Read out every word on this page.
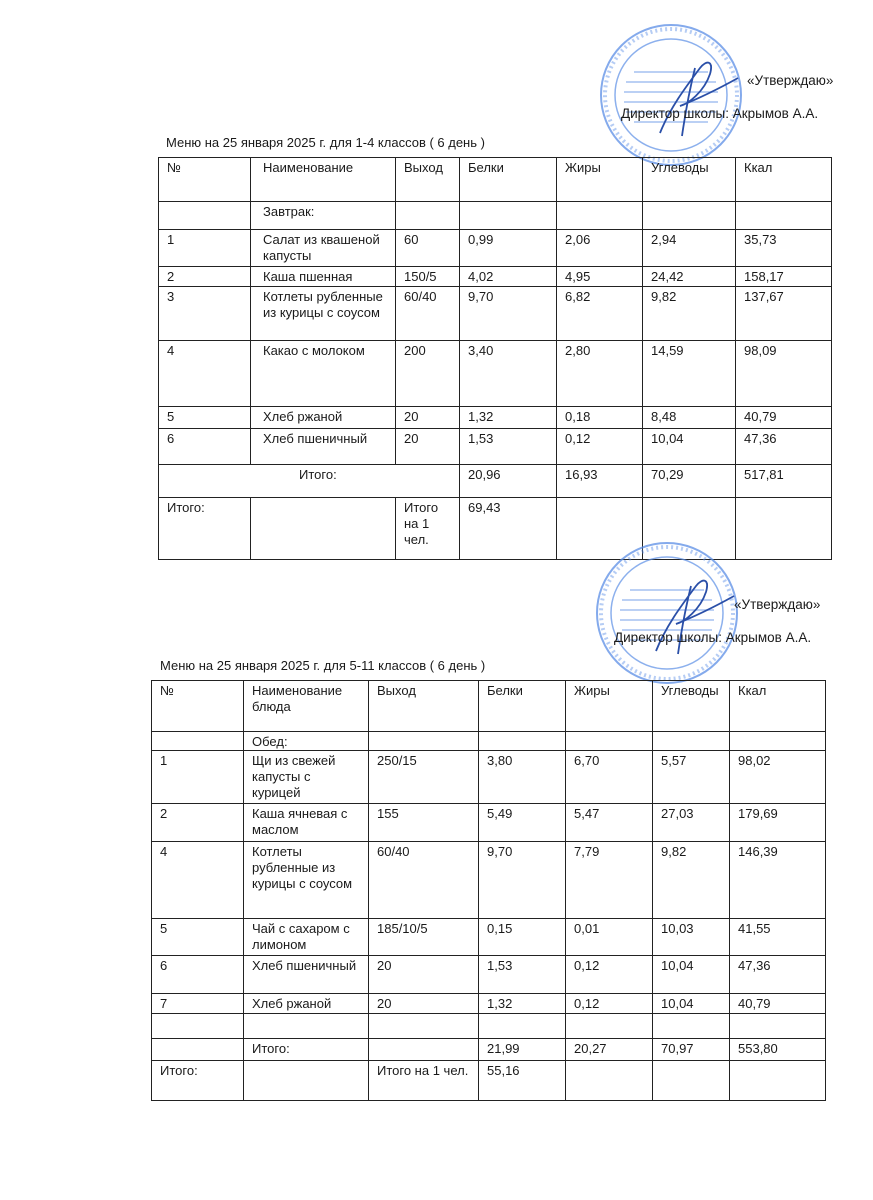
«Утверждаю»
Директор школы: Акрымов А.А.
Меню на 25 января 2025 г. для 1-4 классов ( 6 день )
№	Наименование	Выход	Белки	Жиры	Углеводы	Ккал
	Завтрак:					
1	Салат из квашеной капусты	60	0,99	2,06	2,94	35,73
2	Каша пшенная	150/5	4,02	4,95	24,42	158,17
3	Котлеты рубленные из курицы с соусом	60/40	9,70	6,82	9,82	137,67
4	Какао с молоком	200	3,40	2,80	14,59	98,09
5	Хлеб ржаной	20	1,32	0,18	8,48	40,79
6	Хлеб пшеничный	20	1,53	0,12	10,04	47,36
Итого:			20,96	16,93	70,29	517,81
Итого:		Итого на 1 чел.	69,43			
«Утверждаю»
Директор школы: Акрымов А.А.
Меню на 25 января 2025 г. для 5-11 классов ( 6 день )
№	Наименование блюда	Выход	Белки	Жиры	Углеводы	Ккал
	Обед:					
1	Щи из свежей капусты с курицей	250/15	3,80	6,70	5,57	98,02
2	Каша ячневая с маслом	155	5,49	5,47	27,03	179,69
4	Котлеты рубленные из курицы с соусом	60/40	9,70	7,79	9,82	146,39
5	Чай с сахаром с лимоном	185/10/5	0,15	0,01	10,03	41,55
6	Хлеб пшеничный	20	1,53	0,12	10,04	47,36
7	Хлеб ржаной	20	1,32	0,12	10,04	40,79

	Итого:		21,99	20,27	70,97	553,80
Итого:		Итого на 1 чел.	55,16			
